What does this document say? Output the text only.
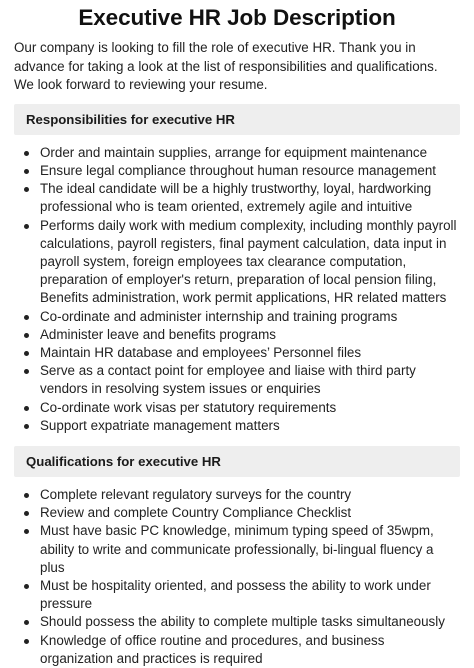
Executive HR Job Description

Our company is looking to fill the role of executive HR. Thank you in advance for taking a look at the list of responsibilities and qualifications. We look forward to reviewing your resume.

Responsibilities for executive HR
Order and maintain supplies, arrange for equipment maintenance
Ensure legal compliance throughout human resource management
The ideal candidate will be a highly trustworthy, loyal, hardworking professional who is team oriented, extremely agile and intuitive
Performs daily work with medium complexity, including monthly payroll calculations, payroll registers, final payment calculation, data input in payroll system, foreign employees tax clearance computation, preparation of employer's return, preparation of local pension filing, Benefits administration, work permit applications, HR related matters
Co-ordinate and administer internship and training programs
Administer leave and benefits programs
Maintain HR database and employees’ Personnel files
Serve as a contact point for employee and liaise with third party vendors in resolving system issues or enquiries
Co-ordinate work visas per statutory requirements
Support expatriate management matters
Qualifications for executive HR
Complete relevant regulatory surveys for the country
Review and complete Country Compliance Checklist
Must have basic PC knowledge, minimum typing speed of 35wpm, ability to write and communicate professionally, bi-lingual fluency a plus
Must be hospitality oriented, and possess the ability to work under pressure
Should possess the ability to complete multiple tasks simultaneously
Knowledge of office routine and procedures, and business organization and practices is required
